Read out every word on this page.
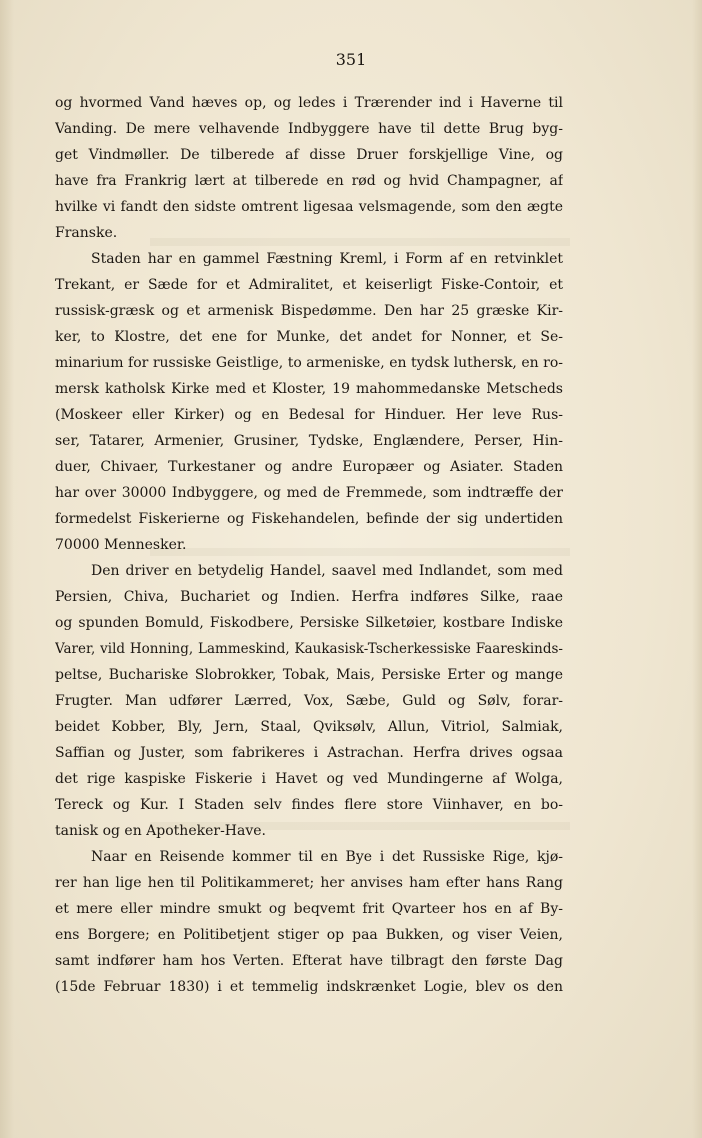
351
og hvormed Vand hæves op, og ledes i Trærender ind i Haverne til
Vanding. De mere velhavende Indbyggere have til dette Brug byg-
get Vindmøller. De tilberede af disse Druer forskjellige Vine, og
have fra Frankrig lært at tilberede en rød og hvid Champagner, af
hvilke vi fandt den sidste omtrent ligesaa velsmagende, som den ægte
Franske.
Staden har en gammel Fæstning Kreml, i Form af en retvinklet
Trekant, er Sæde for et Admiralitet, et keiserligt Fiske-Contoir, et
russisk-græsk og et armenisk Bispedømme. Den har 25 græske Kir-
ker, to Klostre, det ene for Munke, det andet for Nonner, et Se-
minarium for russiske Geistlige, to armeniske, en tydsk luthersk, en ro-
mersk katholsk Kirke med et Kloster, 19 mahommedanske Metscheds
(Moskeer eller Kirker) og en Bedesal for Hinduer. Her leve Rus-
ser, Tatarer, Armenier, Grusiner, Tydske, Englændere, Perser, Hin-
duer, Chivaer, Turkestaner og andre Europæer og Asiater. Staden
har over 30000 Indbyggere, og med de Fremmede, som indtræffe der
formedelst Fiskerierne og Fiskehandelen, befinde der sig undertiden
70000 Mennesker.
Den driver en betydelig Handel, saavel med Indlandet, som med
Persien, Chiva, Buchariet og Indien. Herfra indføres Silke, raae
og spunden Bomuld, Fiskodbere, Persiske Silketøier, kostbare Indiske
Varer, vild Honning, Lammeskind, Kaukasisk-Tscherkessiske Faareskinds-
peltse, Buchariske Slobrokker, Tobak, Mais, Persiske Erter og mange
Frugter. Man udfører Lærred, Vox, Sæbe, Guld og Sølv, forar-
beidet Kobber, Bly, Jern, Staal, Qviksølv, Allun, Vitriol, Salmiak,
Saffian og Juster, som fabrikeres i Astrachan. Herfra drives ogsaa
det rige kaspiske Fiskerie i Havet og ved Mundingerne af Wolga,
Tereck og Kur. I Staden selv findes flere store Viinhaver, en bo-
tanisk og en Apotheker-Have.
Naar en Reisende kommer til en Bye i det Russiske Rige, kjø-
rer han lige hen til Politikammeret; her anvises ham efter hans Rang
et mere eller mindre smukt og beqvemt frit Qvarteer hos en af By-
ens Borgere; en Politibetjent stiger op paa Bukken, og viser Veien,
samt indfører ham hos Verten. Efterat have tilbragt den første Dag
(15de Februar 1830) i et temmelig indskrænket Logie, blev os den
